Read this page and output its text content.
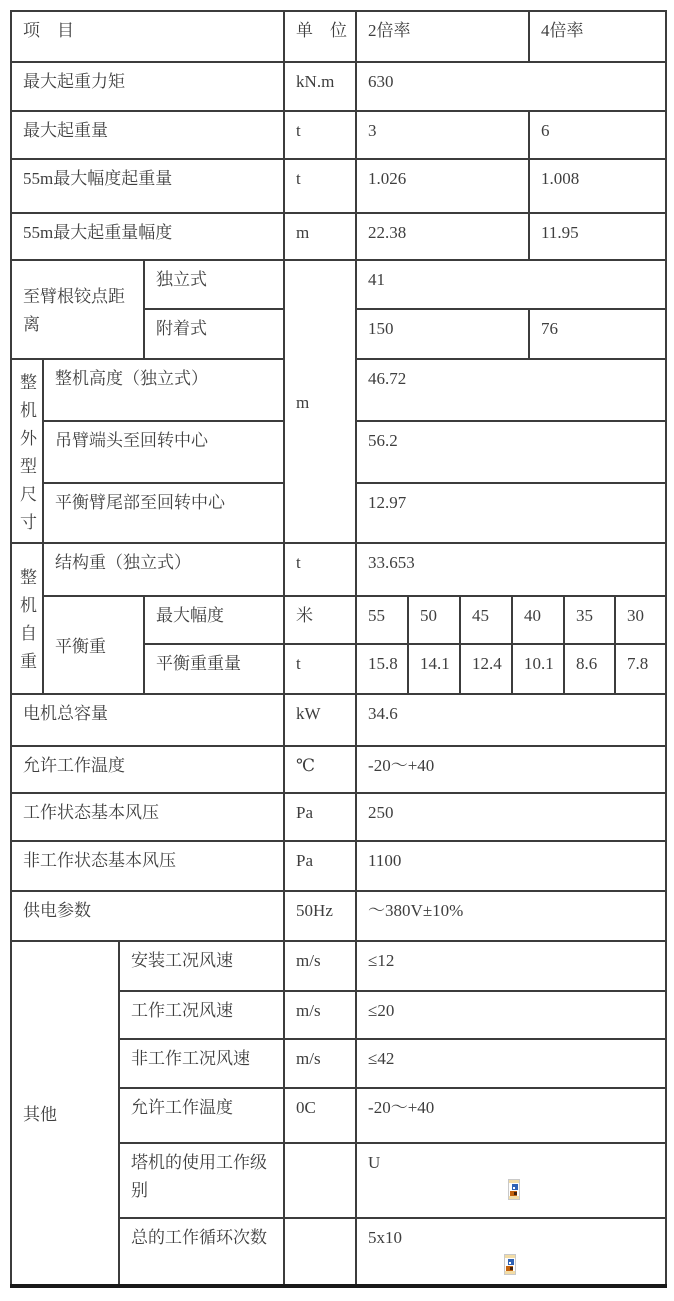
项　目				单　位	2倍率				4倍率		
最大起重力矩				kN.m	630						
最大起重量				t	3				6		
55m最大幅度起重量				t	1.026				1.008		
55m最大起重量幅度				m	22.38				11.95		
至臂根铰点距离			独立式	m	41						
			附着式		150				76		
整机外型尺寸	整机高度（独立式）				46.72						
	吊臂端头至回转中心				56.2						
	平衡臂尾部至回转中心				12.97						
整机自重	结构重（独立式）			t	33.653						
	平衡重		最大幅度	米	55	50	45	40		35	30
			平衡重重量	t	15.8	14.1	12.4	10.1		8.6	7.8
电机总容量				kW	34.6						
允许工作温度				℃	-20～+40						
工作状态基本风压				Pa	250						
非工作状态基本风压				Pa	1100						
供电参数				50Hz	～380V±10%						
其他		安装工况风速		m/s	≤12						
		工作工况风速		m/s	≤20						
		非工作工况风速		m/s	≤42						
		允许工作温度		0C	-20～+40						
		塔机的使用工作级别			U						

		总的工作循环次数			5x10						
